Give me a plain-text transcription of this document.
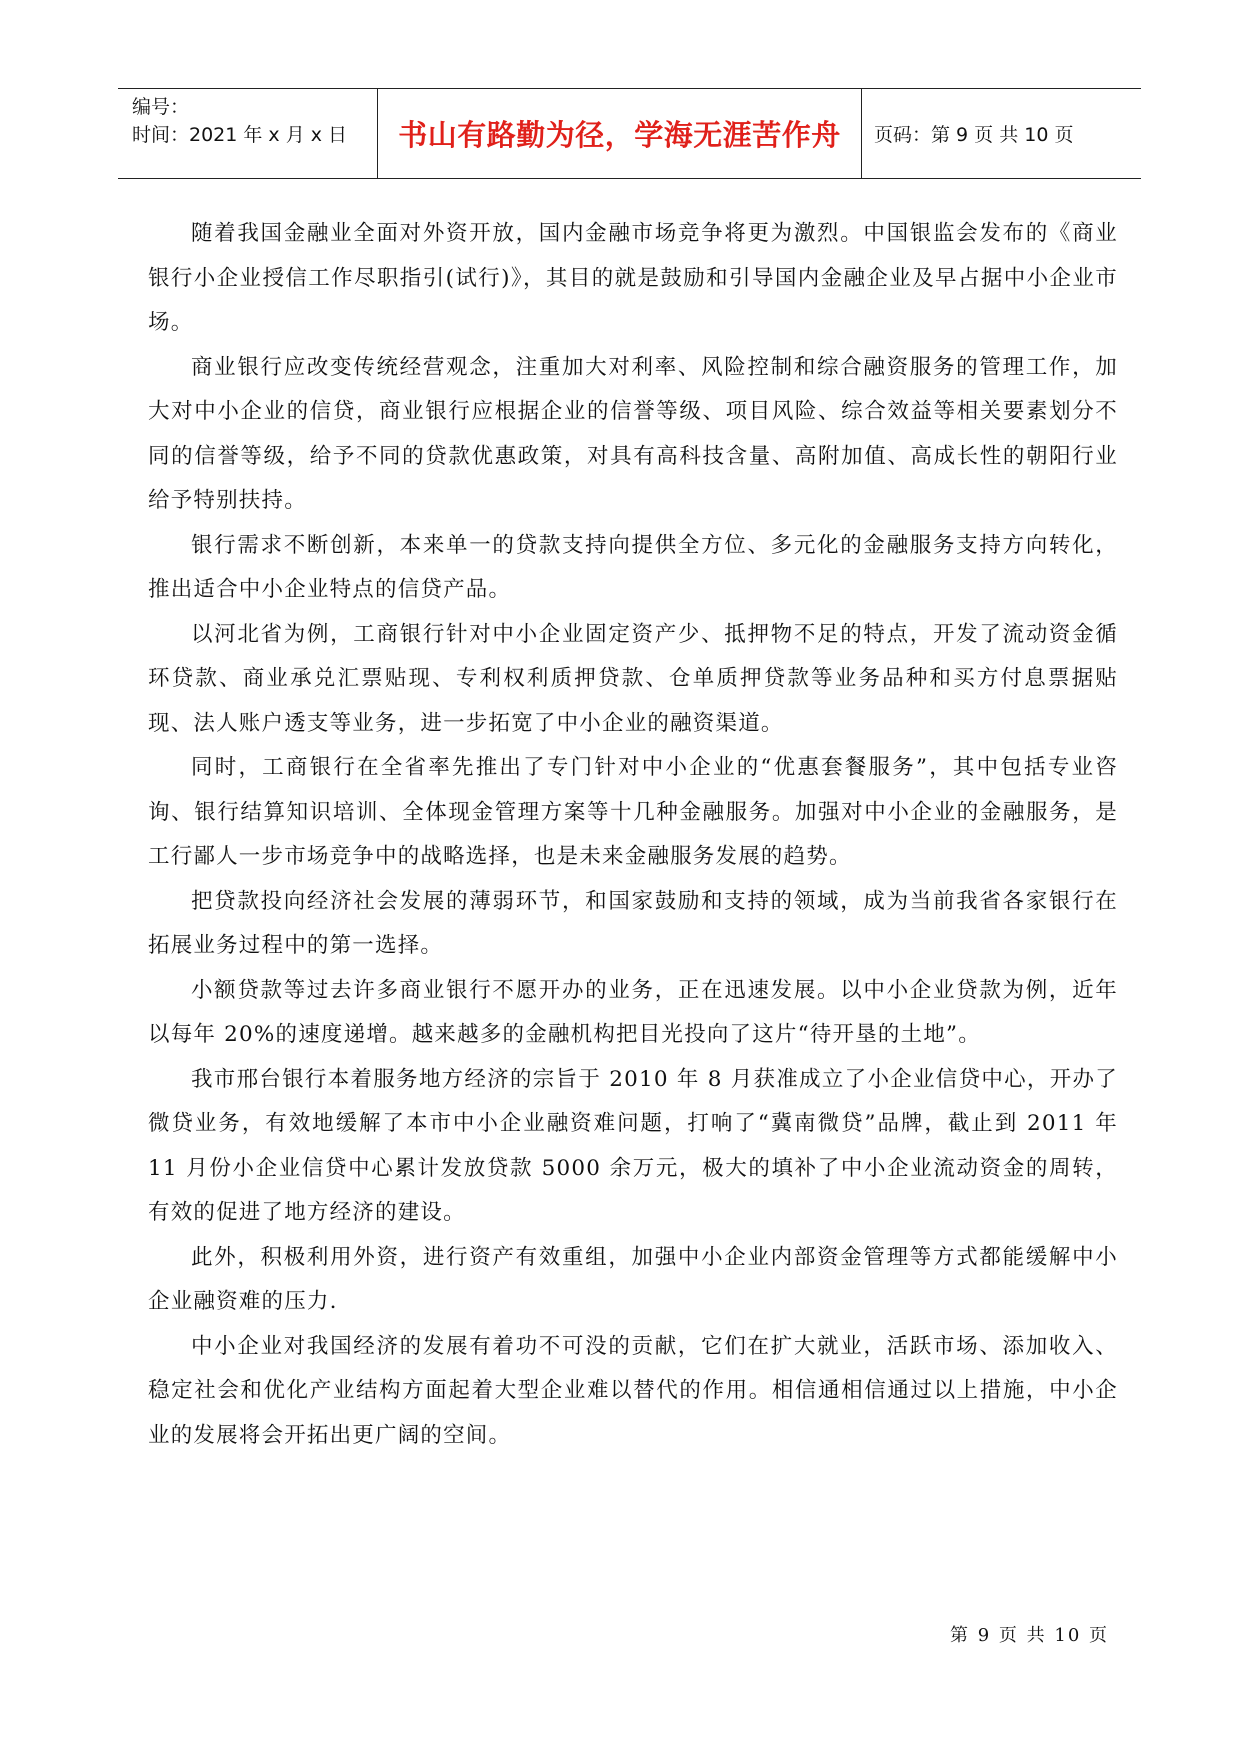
编号：
时间：2021 年 x 月 x 日	书山有路勤为径，学海无涯苦作舟 页码：第 9 页 共 10 页

随着我国金融业全面对外资开放，国内金融市场竞争将更为激烈。中国银监会发布的《商业银行小企业授信工作尽职指引(试行)》，其目的就是鼓励和引导国内金融企业及早占据中小企业市场。

商业银行应改变传统经营观念，注重加大对利率、风险控制和综合融资服务的管理工作，加大对中小企业的信贷，商业银行应根据企业的信誉等级、项目风险、综合效益等相关要素划分不同的信誉等级，给予不同的贷款优惠政策，对具有高科技含量、高附加值、高成长性的朝阳行业给予特别扶持。

银行需求不断创新，本来单一的贷款支持向提供全方位、多元化的金融服务支持方向转化，推出适合中小企业特点的信贷产品。

以河北省为例，工商银行针对中小企业固定资产少、抵押物不足的特点，开发了流动资金循环贷款、商业承兑汇票贴现、专利权利质押贷款、仓单质押贷款等业务品种和买方付息票据贴现、法人账户透支等业务，进一步拓宽了中小企业的融资渠道。

同时，工商银行在全省率先推出了专门针对中小企业的“优惠套餐服务”，其中包括专业咨询、银行结算知识培训、全体现金管理方案等十几种金融服务。加强对中小企业的金融服务，是工行鄙人一步市场竞争中的战略选择，也是未来金融服务发展的趋势。

把贷款投向经济社会发展的薄弱环节，和国家鼓励和支持的领域，成为当前我省各家银行在拓展业务过程中的第一选择。

小额贷款等过去许多商业银行不愿开办的业务，正在迅速发展。以中小企业贷款为例，近年以每年 20%的速度递增。越来越多的金融机构把目光投向了这片“待开垦的土地”。

我市邢台银行本着服务地方经济的宗旨于 2010 年 8 月获准成立了小企业信贷中心，开办了微贷业务，有效地缓解了本市中小企业融资难问题，打响了“冀南微贷”品牌，截止到 2011 年 11 月份小企业信贷中心累计发放贷款 5000 余万元，极大的填补了中小企业流动资金的周转，有效的促进了地方经济的建设。

此外，积极利用外资，进行资产有效重组，加强中小企业内部资金管理等方式都能缓解中小企业融资难的压力.

中小企业对我国经济的发展有着功不可没的贡献，它们在扩大就业，活跃市场、添加收入、稳定社会和优化产业结构方面起着大型企业难以替代的作用。相信通相信通过以上措施，中小企业的发展将会开拓出更广阔的空间。

第 9 页 共 10 页
